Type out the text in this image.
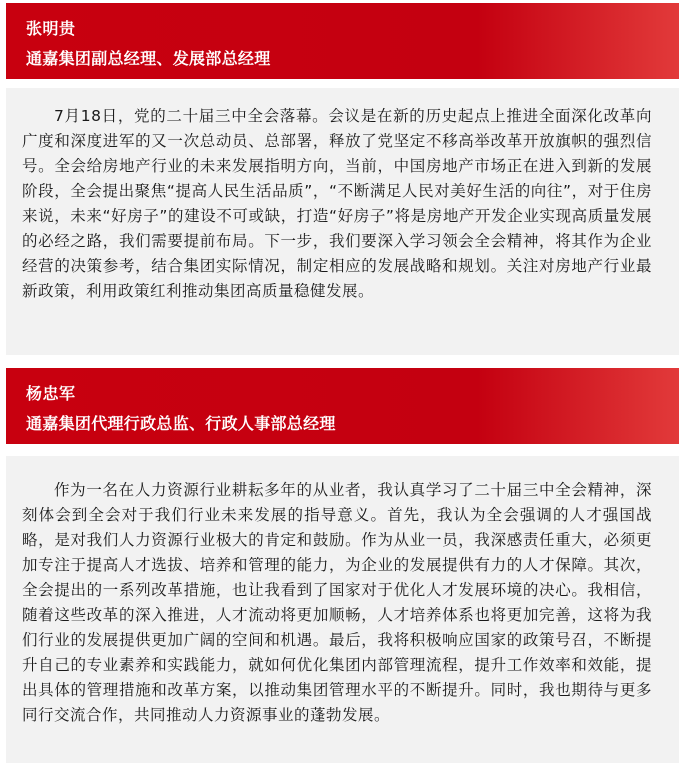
张明贵
通嘉集团副总经理、发展部总经理

7月18日，党的二十届三中全会落幕。会议是在新的历史起点上推进全面深化改革向广度和深度进军的又一次总动员、总部署，释放了党坚定不移高举改革开放旗帜的强烈信号。全会给房地产行业的未来发展指明方向，当前，中国房地产市场正在进入到新的发展阶段，全会提出聚焦“提高人民生活品质”，“不断满足人民对美好生活的向往”，对于住房来说，未来“好房子”的建设不可或缺，打造“好房子”将是房地产开发企业实现高质量发展的必经之路，我们需要提前布局。下一步，我们要深入学习领会全会精神，将其作为企业经营的决策参考，结合集团实际情况，制定相应的发展战略和规划。关注对房地产行业最新政策，利用政策红利推动集团高质量稳健发展。

杨忠军
通嘉集团代理行政总监、行政人事部总经理

作为一名在人力资源行业耕耘多年的从业者，我认真学习了二十届三中全会精神，深刻体会到全会对于我们行业未来发展的指导意义。首先，我认为全会强调的人才强国战略，是对我们人力资源行业极大的肯定和鼓励。作为从业一员，我深感责任重大，必须更加专注于提高人才选拔、培养和管理的能力，为企业的发展提供有力的人才保障。其次，全会提出的一系列改革措施，也让我看到了国家对于优化人才发展环境的决心。我相信，随着这些改革的深入推进，人才流动将更加顺畅，人才培养体系也将更加完善，这将为我们行业的发展提供更加广阔的空间和机遇。最后，我将积极响应国家的政策号召，不断提升自己的专业素养和实践能力，就如何优化集团内部管理流程，提升工作效率和效能，提出具体的管理措施和改革方案，以推动集团管理水平的不断提升。同时，我也期待与更多同行交流合作，共同推动人力资源事业的蓬勃发展。
